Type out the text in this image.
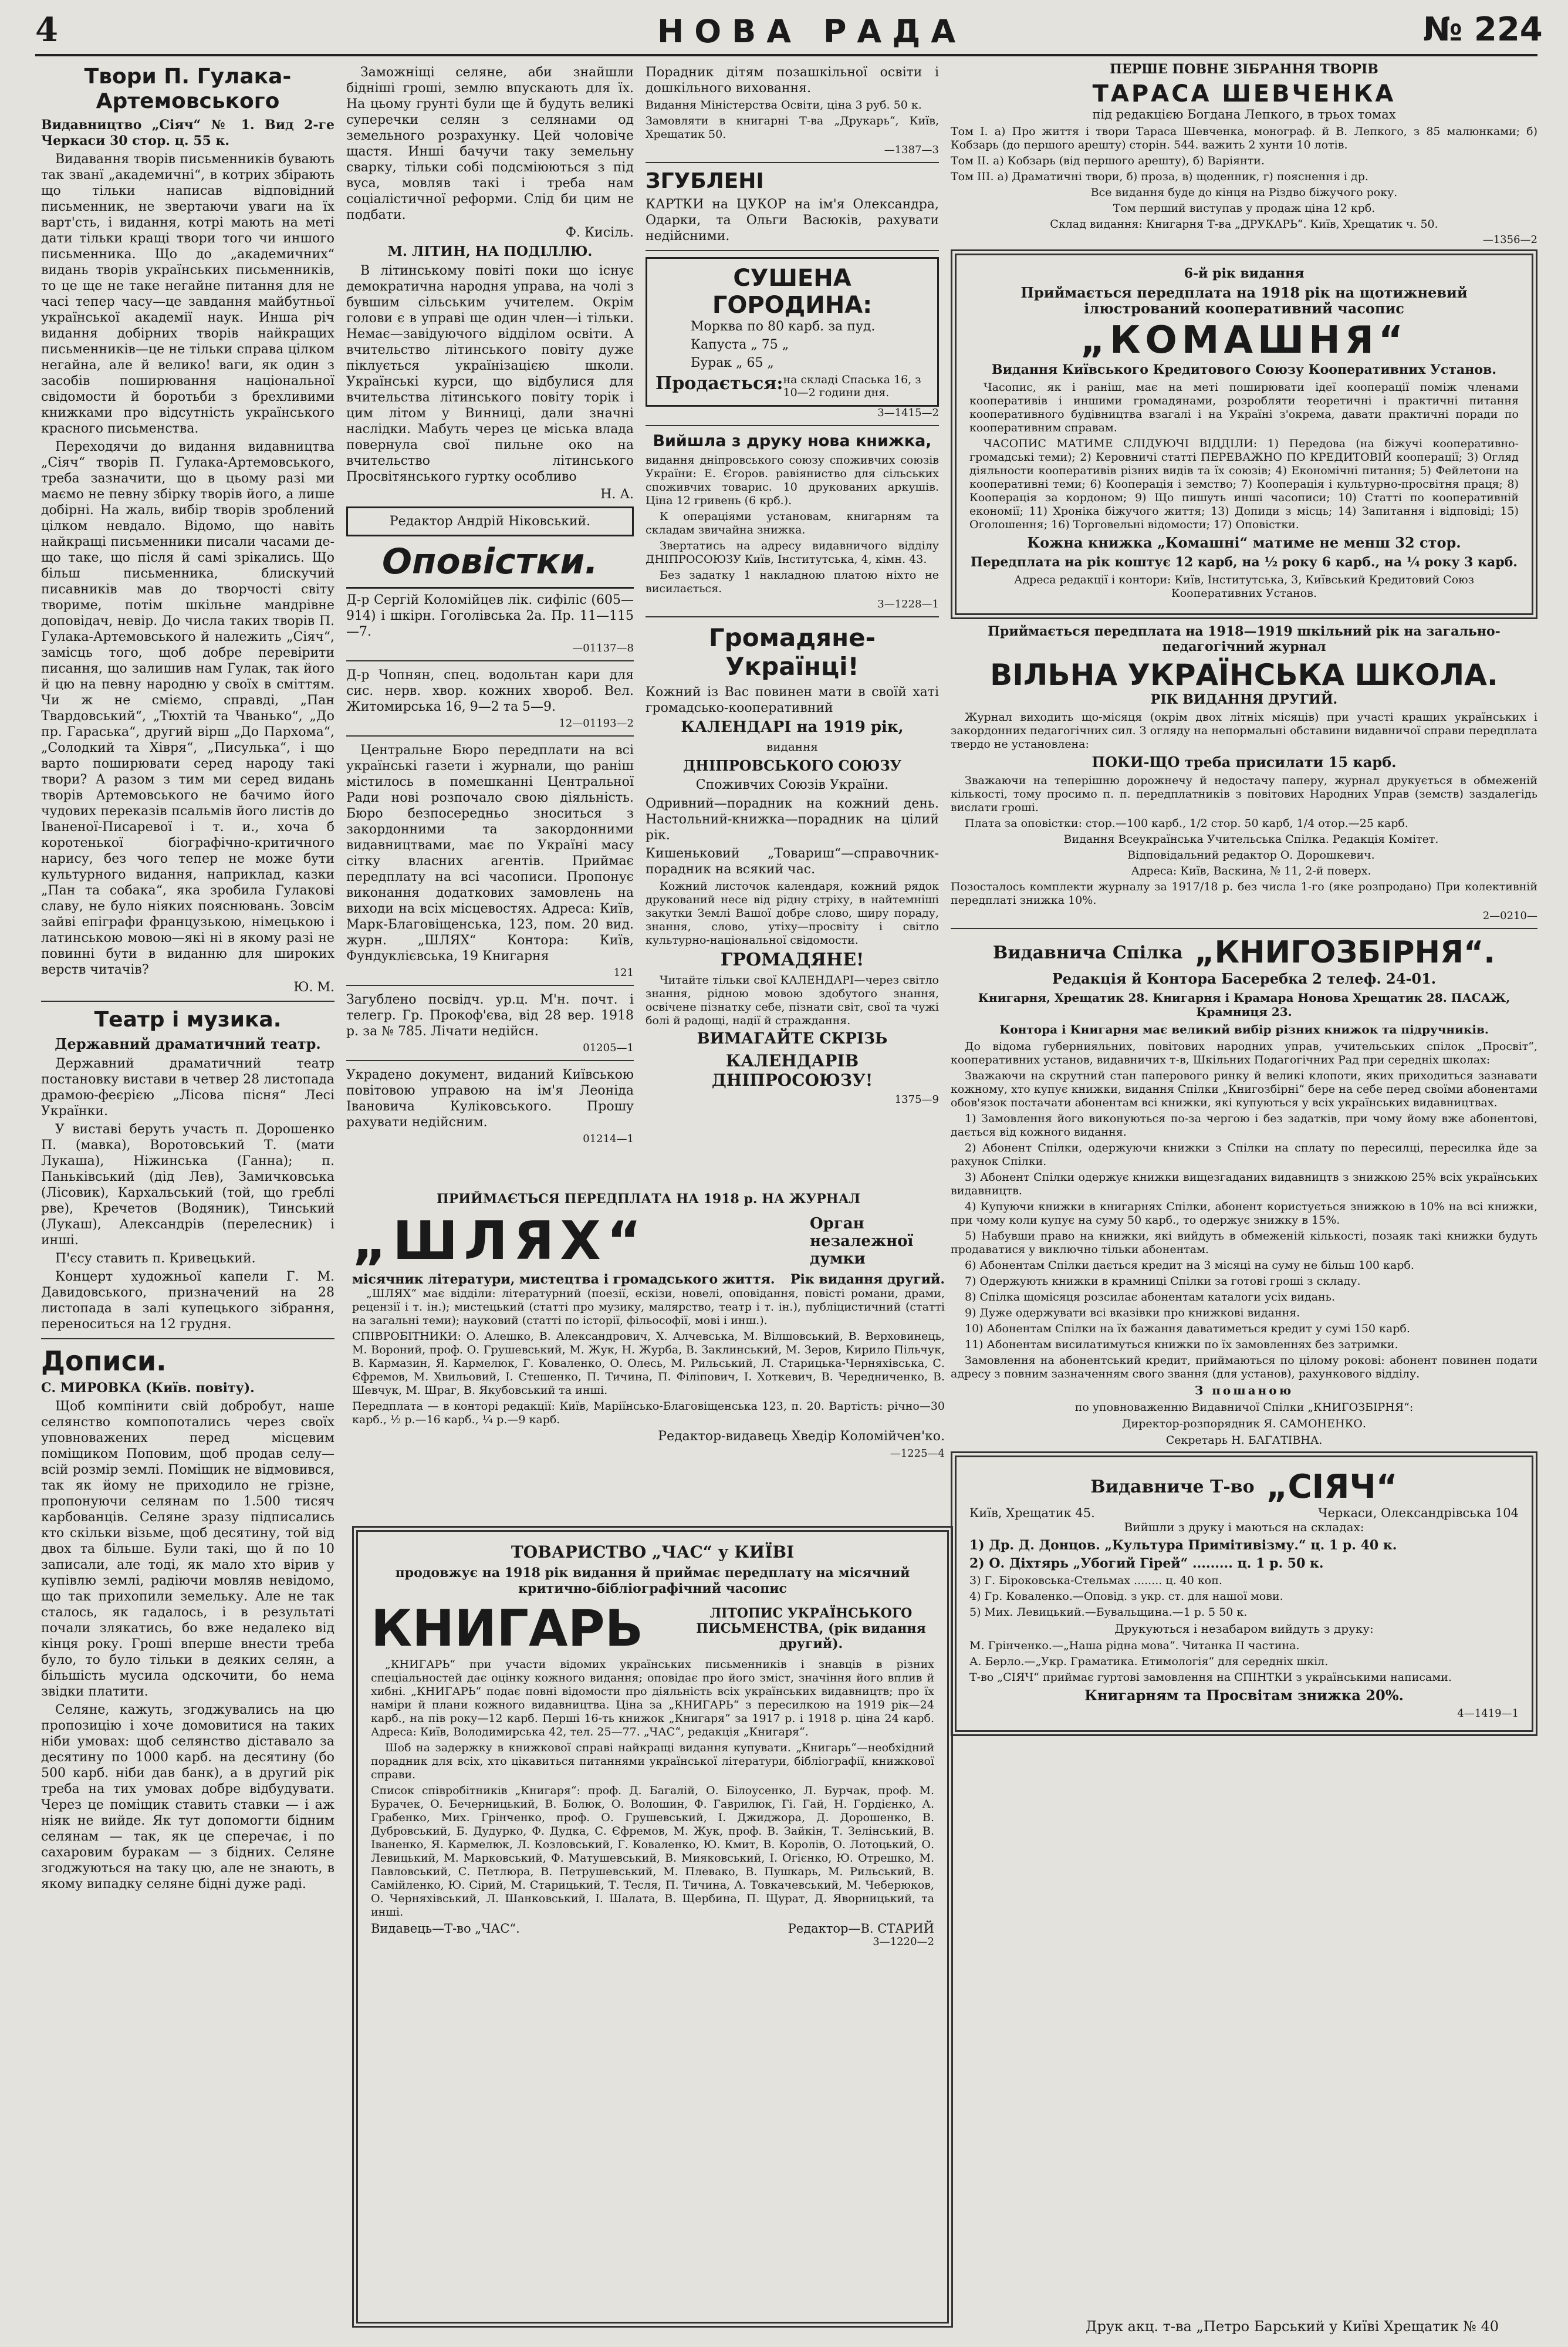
4	НОВА РАДА	№ 224
Твори П. Гулака-Артемовського
Видавництво „Сіяч“ № 1. Вид 2-ге Черкаси 30 стор. ц. 55 к.
Видавання творів письменників бувають так званї „академичні“, в котрих збірають що тільки написав відповідний письменник, не звертаючи уваги на їх варт'сть, і видання, котрі мають на меті дати тільки кращі твори того чи иншого письменника. Що до „академичних“ видань творів українських письменників, то це ще не таке негайне питання для не часі тепер часу—це завдання майбутньої української академії наук. Инша річ видання добірних творів найкращих письменників—це не тільки справа цілком негайна, але й велико! ваги, як один з засобів поширювання національної свідомости й боротьби з брехливими книжками про відсутність українського красного письменства.
Переходячи до видання видавництва „Сіяч“ творів П. Гулака-Артемовського, треба зазначити, що в цьому разі ми маємо не певну збірку творів його, а лише добірні. На жаль, вибір творів зроблений цілком невдало. Відомо, що навіть найкращі письменники писали часами де-що таке, що після й самі зрікались. Що більш письменника, блискучий писавників мав до творчості світу твориме, потім шкільне мандрівне доповідач, невір. До числа таких творів П. Гулака-Артемовського й належить „Сіяч“, замісць того, щоб добре перевірити писання, що залишив нам Гулак, так його й цю на певну народню у своїх в сміттям. Чи ж не сміємо, справді, „Пан Твардовський“, „Тюхтій та Чванько“, „До пр. Гараська“, другий вірш „До Пархома“, „Солодкий та Хівря“, „Писулька“, і що варто поширювати серед народу такі твори? А разом з тим ми серед видань творів Артемовського не бачимо його чудових переказів псальмів його листів до Іваненої-Писаревої і т. и., хоча б коротенької біографічно-критичного нарису, без чого тепер не може бути культурного видання, наприклад, казки „Пан та собака“, яка зробила Гулакові славу, не було ніяких пояснювань. Зовсім зайві епіграфи французькою, німецькою і латинською мовою—які ні в якому разі не повинні бути в виданню для широких верств читачів?
Ю. М.
Театр і музика.
Державний драматичний театр.
Державний драматичний театр постановку вистави в четвер 28 листопада драмою-феєрією „Лісова пісня“ Лесі Українки.
У виставі беруть участь п. Дорошенко П. (мавка), Воротовський Т. (мати Лукаша), Ніжинська (Ганна); п. Паньківський (дід Лев), Замичковська (Лісовик), Кархальський (той, що греблі рве), Кречетов (Водяник), Тинський (Лукаш), Александрів (перелесник) і инші.
П'єсу ставить п. Кривецький.
Концерт художньої капели Г. М. Давидовського, призначений на 28 листопада в залі купецького зібрання, переноситься на 12 грудня.
Дописи.
С. МИРОВКА (Київ. повіту).
Щоб компінити свій добробут, наше селянство компопотались через своїх уповноважених перед місцевим поміщиком Поповим, щоб продав селу—всій розмір землі. Поміщик не відмовився, так як йому не приходило не грізне, пропонуючи селянам по 1.500 тисяч карбованців. Селяне зразу підписались кто скільки візьме, щоб десятину, той від двох та більше. Були такі, що й по 10 записали, але тоді, як мало хто вірив у купівлю землі, радіючи мовляв невідомо, що так прихопили земельку. Але не так сталось, як гадалось, і в результаті почали злякатись, бо вже недалеко від кінця року. Гроші вперше внести треба було, то було тільки в деяких селян, а більшість мусила одскочити, бо нема звідки платити.
Селяне, кажуть, згоджувались на цю пропозицію і хоче домовитися на таких ніби умовах: щоб селянство діставало за десятину по 1000 карб. на десятину (бо 500 карб. ніби дав банк), а в другий рік треба на тих умовах добре відбудувати. Через це поміщик ставить ставки — і аж ніяк не вийде. Як тут допомогти бідним селянам — так, як це сперечає, і по сахаровим буракам — з бідних. Селяне згоджуються на таку цю, але не знають, в якому випадку селяне бідні дуже раді.
Заможніщі селяне, аби знайшли бідніші гроші, землю впускають для їх. На цьому грунті були ще й будуть великі суперечки селян з селянами од земельного розрахунку. Цей чоловіче щастя. Инші бачучи таку земельну сварку, тільки собі подсміюються з під вуса, мовляв такі і треба нам соціалістичної реформи. Слід би цим не подбати.
Ф. Кисіль.
М. ЛІТИН, НА ПОДІЛЛЮ.
В літинському повіті поки що існує демократична народня управа, на чолі з бувшим сільським учителем. Окрім голови є в управі ще один член—і тільки. Немає—завідуючого відділом освіти. А вчительство літинського повіту дуже піклується українізацією школи. Українські курси, що відбулися для вчительства літинського повіту торік і цим літом у Винниці, дали значні наслідки. Мабуть через це міська влада повернула свої пильне око на вчительство літинського Просвітянського гуртку особливо
Н. А.
Редактор Андрій Ніковський.
Оповістки.
Д-р Сергій Коломійцев лік. сифіліс (605—914) і шкірн. Гоголівська 2а. Пр. 11—115—7.
—01137—8
Д-р Чопнян, спец. водольтан кари для сис. нерв. хвор. кожних хвороб. Вел. Житомирська 16, 9—2 та 5—9.
12—01193—2
Центральне Бюро передплати на всі українські газети і журнали, що раніш містилось в помешканні Центральної Ради нові розпочало свою діяльність. Бюро безпосередньо зноситься з закордонними та закордонними видавництвами, має по Україні масу сітку власних агентів. Приймає передплату на всі часописи. Пропонує виконання додаткових замовлень на виходи на всіх місцевостях. Адреса: Київ, Марк-Благовіщенська, 123, пом. 20 вид. журн. „ШЛЯХ“ Контора: Київ, Фундуклієвська, 19 Книгарня
121
Загублено посвідч. ур.ц. М'н. почт. і телегр. Гр. Прокоф'єва, від 28 вер. 1918 р. за № 785. Лічати недійсн.
01205—1
Украдено документ, виданий Київською повітовою управою на ім'я Леоніда Івановича Куліковського. Прошу рахувати недійсним.
01214—1
Порадник дітям позашкільної освіти і дошкільного виховання.
Видання Міністерства Освіти, ціна 3 руб. 50 к.
Замовляти в книгарні Т-ва „Друкарь“, Київ, Хрещатик 50.
—1387—3
ЗГУБЛЕНІ
КАРТКИ на ЦУКОР на ім'я Олександра, Одарки, та Ольги Васюків, рахувати недійсними.
СУШЕНА ГОРОДИНА:
Морква по 80 карб. за пуд.
Капуста „ 75 „
Бурак „ 65 „
Продається: на складі Спаська 16, з 10—2 години дня.
3—1415—2
Вийшла з друку нова книжка,
видання дніпровського союзу споживчих союзів України: Е. Єгоров. равіяниство для сільських споживчих товарис. 10 друкованих аркушів. Ціна 12 гривень (6 крб.).
К операціями установам, книгарням та складам звичайна знижка.
Звертатись на адресу видавничого відділу ДНІПРОСОЮЗУ Київ, Інститутська, 4, кімн. 43.
Без задатку 1 накладною платою ніхто не висилається.
3—1228—1
Громадяне-Українці!
Кожний із Вас повинен мати в своїй хаті громадсько-кооперативний
КАЛЕНДАРІ на 1919 рік,
видання
ДНІПРОВСЬКОГО СОЮЗУ
Споживчих Союзів України.
Одривний—порадник на кожний день. Настольний-книжка—порадник на цілий рік.
Кишеньковий „Товариш“—справочник-порадник на всякий час.
Кожний листочок календаря, кожний рядок друкований несе від рідну стріху, в найтемніші закутки Землі Вашої добре слово, щиру пораду, знання, слово, утіху—просвіту і світло культурно-національної свідомости.
ГРОМАДЯНЕ!
Читайте тільки свої КАЛЕНДАРІ—через світло знання, рідною мовою здобутого знання, освічене пізнатку себе, пізнати світ, свої та чужі болі й радощі, надії й страждання.
ВИМАГАЙТЕ СКРІЗЬ
КАЛЕНДАРІВ ДНІПРОСОЮЗУ!
1375—9
ПРИЙМАЄТЬСЯ ПЕРЕДПЛАТА НА 1918 р. НА ЖУРНАЛ
„ШЛЯХ“	Орган незалежної думки
місячник літератури, мистецтва і громадського життя. Рік видання другий.
„ШЛЯХ“ має відділи: літературний (поезії, ескізи, новелі, оповідання, повісті романи, драми, рецензії і т. ін.); мистецький (статті про музику, малярство, театр і т. ін.), публіцистичний (статті на загальні теми); науковий (статті по історії, фільософії, мові і инш.).
СПІВРОБІТНИКИ: О. Алешко, В. Александрович, Х. Алчевська, М. Вілшовський, В. Верховинець, М. Вороний, проф. О. Грушевський, М. Жук, Н. Журба, В. Заклинський, М. Зеров, Кирило Пільчук, В. Кармазин, Я. Кармелюк, Г. Коваленко, О. Олесь, М. Рильський, Л. Старицька-Черняхівська, С. Єфремов, М. Хвильовий, І. Стешенко, П. Тичина, П. Філіпович, І. Хоткевич, В. Чередниченко, В. Шевчук, М. Шраг, В. Якубовський та инші.
Передплата — в конторі редакції: Київ, Маріїнсько-Благовіщенська 123, п. 20. Вартість: річно—30 карб., ½ р.—16 карб., ¼ р.—9 карб.
Редактор-видавець Хведір Коломійчен'ко.
—1225—4
ТОВАРИСТВО „ЧАС“ у КИЇВІ
продовжує на 1918 рік видання й приймає передплату на місячний критично-бібліографічний часопис
КНИГАРЬ	ЛІТОПИС УКРАЇНСЬКОГО ПИСЬМЕНСТВА, (рік видання другий).
„КНИГАРЬ“ при участи відомих українських письменників і знавців в різних спеціальностей дає оцінку кожного видання; оповідає про його зміст, значіння його вплив й хибні. „КНИГАРЬ“ подає повні відомости про діяльність всіх українських видавництв; про їх наміри й плани кожного видавництва. Ціна за „КНИГАРЬ“ з пересилкою на 1919 рік—24 карб., на пів року—12 карб. Перші 16-ть книжок „Книгаря“ за 1917 р. і 1918 р. ціна 24 карб. Адреса: Київ, Володимирська 42, тел. 25—77. „ЧАС“, редакція „Книгаря“.
Шоб на задержку в книжкової справі найкращі видання купувати. „Книгарь“—необхідний порадник для всіх, хто цікавиться питаннями української літератури, бібліографії, книжкової справи.
Список співробітників „Книгаря“: проф. Д. Багалій, О. Білоусенко, Л. Бурчак, проф. М. Бурачек, О. Бечерницький, В. Болюк, О. Волошин, Ф. Гаврилюк, Гі. Гай, Н. Гордієнко, А. Грабенко, Мих. Грінченко, проф. О. Грушевський, І. Джиджора, Д. Дорошенко, В. Дубровський, Б. Дудурко, Ф. Дудка, С. Єфремов, М. Жук, проф. В. Зайкін, Т. Зелінський, В. Іваненко, Я. Кармелюк, Л. Козловський, Г. Коваленко, Ю. Кмит, В. Королів, О. Лотоцький, О. Левицький, М. Марковський, Ф. Матушевський, В. Мияковський, І. Огієнко, Ю. Отрешко, М. Павловський, С. Петлюра, В. Петрушевський, М. Плевако, В. Пушкарь, М. Рильський, В. Самійленко, Ю. Сірий, М. Старицький, Т. Тесля, П. Тичина, А. Товкачевський, М. Чеберюков, О. Черняхівський, Л. Шанковський, І. Шалата, В. Щербина, П. Щурат, Д. Яворницький, та инші.
Видавець—Т-во „ЧАС“.	Редактор—В. СТАРИЙ
3—1220—2
ПЕРШЕ ПОВНЕ ЗІБРАННЯ ТВОРІВ
ТАРАСА ШЕВЧЕНКА
під редакцією Богдана Лепкого, в трьох томах
Том І. а) Про життя і твори Тараса Шевченка, монограф. й В. Лепкого, з 85 малюнками; б) Кобзарь (до першого арешту) сторін. 544. важить 2 хунти 10 лотів.
Том ІІ. а) Кобзарь (від першого арешту), б) Варіянти.
Том ІІІ. а) Драматичні твори, б) проза, в) щоденник, г) пояснення і др.
Все видання буде до кінця на Різдво біжучого року.
Том перший виступав у продаж ціна 12 крб.
Склад видання: Книгарня Т-ва „ДРУКАРЬ“. Київ, Хрещатик ч. 50.
—1356—2
6-й рік видання
Приймається передплата на 1918 рік на щотижневий ілюстрований кооперативний часопис
„КОМАШНЯ“
Видання Київського Кредитового Союзу Кооперативних Установ.
Часопис, як і раніш, має на меті поширювати ідеї кооперації поміж членами кооперативів і иншими громадянами, розробляти теоретичні і практичні питання кооперативного будівництва взагалі і на Україні з'окрема, давати практичні поради по кооперативним справам.
ЧАСОПИС МАТИМЕ СЛІДУЮЧІ ВІДДІЛИ: 1) Передова (на біжучі кооперативно-громадські теми); 2) Керовничі статті ПЕРЕВАЖНО ПО КРЕДИТОВІЙ кооперації; 3) Огляд діяльности кооперативів різних видів та їх союзів; 4) Економічні питання; 5) Фейлетони на кооперативні теми; 6) Кооперація і земство; 7) Кооперація і культурно-просвітня праця; 8) Кооперація за кордоном; 9) Що пишуть инші часописи; 10) Статті по кооперативній економії; 11) Хроніка біжучого життя; 13) Допиди з місць; 14) Запитання і відповіді; 15) Оголошення; 16) Торговельні відомости; 17) Оповістки.
Кожна книжка „Комашні“ матиме не менш 32 стор.
Передплата на рік коштує 12 карб, на ½ року 6 карб., на ¼ року 3 карб.
Адреса редакції і контори: Київ, Інститутська, 3, Київський Кредитовий Союз Кооперативних Установ.
Приймається передплата на 1918—1919 шкільний рік на загально-педагогічний журнал
ВІЛЬНА УКРАЇНСЬКА ШКОЛА.
РІК ВИДАННЯ ДРУГИЙ.
Журнал виходить що-місяця (окрім двох літніх місяців) при участі кращих українських і закордонних педагогічних сил. З огляду на непормальні обставини видавничої справи передплата твердо не установлена:
ПОКИ-ЩО треба присилати 15 карб.
Зважаючи на теперішню дорожнечу й недостачу паперу, журнал друкується в обмеженій кількості, тому просимо п. п. передплатників з повітових Народних Управ (земств) заздалегідь вислати гроші.
Плата за оповістки: стор.—100 карб., 1/2 стор. 50 карб, 1/4 отор.—25 карб.
Видання Всеукраїнська Учительська Спілка. Редакція Комітет.
Відповідальний редактор О. Дорошкевич.
Адреса: Київ, Васкина, № 11, 2-й поверх.
Позосталось комплекти журналу за 1917/18 р. без числа 1-го (яке розпродано) При колективній передплаті знижка 10%.
2—0210—
Видавнича Спілка „КНИГОЗБІРНЯ“.
Редакція й Контора Басеребка 2 телеф. 24-01.
Книгарня, Хрещатик 28. Книгарня і Крамара Нонова Хрещатик 28. ПАСАЖ, Крамниця 23.
Контора і Книгарня має великий вибір різних книжок та підручників.
До відома губернияльних, повітових народних управ, учительських спілок „Просвіт“, кооперативних установ, видавничих т-в, Шкільних Подагогічних Рад при середніх школах:
Зважаючи на скрутний стан паперового ринку й великі клопоти, яких приходиться зазнавати кожному, хто купує книжки, видання Спілки „Книгозбірні“ бере на себе перед своїми абонентами обов'язок постачати абонентам всі книжки, які купуються у всіх українських видавництвах.
1) Замовлення його виконуються по-за чергою і без задатків, при чому йому вже абонентові, дається від кожного видання.
2) Абонент Спілки, одержуючи книжки з Спілки на сплату по пересилці, пересилка йде за рахунок Спілки.
3) Абонент Спілки одержує книжки вищезгаданих видавництв з знижкою 25% всіх українських видавництв.
4) Купуючи книжки в книгарнях Спілки, абонент користується знижкою в 10% на всі книжки, при чому коли купує на суму 50 карб., то одержує знижку в 15%.
5) Набувши право на книжки, які вийдуть в обмеженій кількості, позаяк такі книжки будуть продаватися у виключно тільки абонентам.
6) Абонентам Спілки дається кредит на 3 місяці на суму не більш 100 карб.
7) Одержують книжки в крамниці Спілки за готові гроші з складу.
8) Спілка щомісяця розсилає абонентам каталоги усіх видань.
9) Дуже одержувати всі вказівки про книжкові видання.
10) Абонентам Спілки на їх бажання даватиметься кредит у сумі 150 карб.
11) Абонентам висилатимуться книжки по їх замовленнях без затримки.
Замовлення на абонентський кредит, приймаються по цілому рокові: абонент повинен подати адресу з повним зазначенням свого звання (для установ), рахункового відділу.
З пошаною
по уповноваженню Видавничої Спілки „КНИГОЗБІРНЯ“:
Директор-розпорядник Я. САМОНЕНКО.
Секретарь Н. БАГАТІВНА.
Видавниче Т-во „СІЯЧ“
Київ, Хрещатик 45.	Черкаси, Олександрівська 104
Вийшли з друку і маються на складах:
1) Др. Д. Донцов. „Культура Примітивізму.“ ц. 1 р. 40 к.
2) О. Діхтярь „Убогий Гірей“ ......... ц. 1 р. 50 к.
3) Г. Біроковська-Стельмах ........ ц. 40 коп.
4) Гр. Коваленко.—Оповід. з укр. ст. для нашої мови.
5) Мих. Левицький.—Бувальщина.—1 р. 5 50 к.
Друкуються і незабаром вийдуть з друку:
М. Грінченко.—„Наша рідна мова“. Читанка ІІ частина.
А. Берло.—„Укр. Граматика. Етимологія“ для середніх шкіл.
Т-во „СІЯЧ“ приймає гуртові замовлення на СПІНТКИ з українськими написами.
Книгарням та Просвітам знижка 20%.
4—1419—1
Друк акц. т-ва „Петро Барський у Київі Хрещатик № 40
